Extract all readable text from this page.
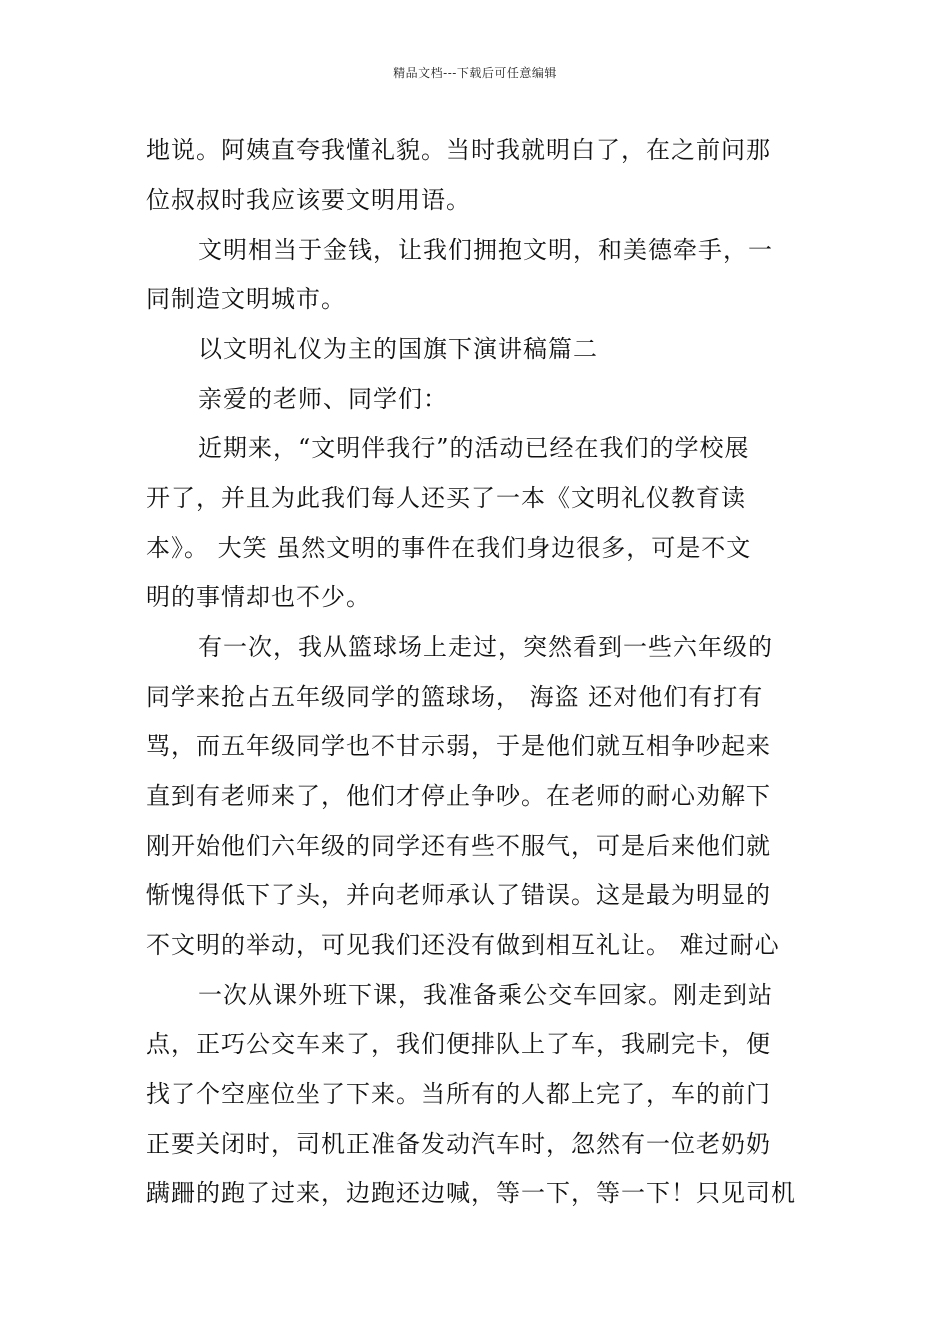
精品文档---下载后可任意编辑
地说。阿姨直夸我懂礼貌。当时我就明白了，在之前问那
位叔叔时我应该要文明用语。
文明相当于金钱，让我们拥抱文明，和美德牵手，一
同制造文明城市。
以文明礼仪为主的国旗下演讲稿篇二
亲爱的老师、同学们：
近期来，“文明伴我行”的活动已经在我们的学校展
开了，并且为此我们每人还买了一本《文明礼仪教育读
本》。 大笑 虽然文明的事件在我们身边很多，可是不文
明的事情却也不少。
有一次，我从篮球场上走过，突然看到一些六年级的
同学来抢占五年级同学的篮球场， 海盗 还对他们有打有
骂，而五年级同学也不甘示弱，于是他们就互相争吵起来
直到有老师来了，他们才停止争吵。在老师的耐心劝解下
刚开始他们六年级的同学还有些不服气，可是后来他们就
惭愧得低下了头，并向老师承认了错误。这是最为明显的
不文明的举动，可见我们还没有做到相互礼让。 难过耐心
一次从课外班下课，我准备乘公交车回家。刚走到站
点，正巧公交车来了，我们便排队上了车，我刷完卡，便
找了个空座位坐了下来。当所有的人都上完了，车的前门
正要关闭时，司机正准备发动汽车时，忽然有一位老奶奶
蹒跚的跑了过来，边跑还边喊，等一下，等一下！只见司机
